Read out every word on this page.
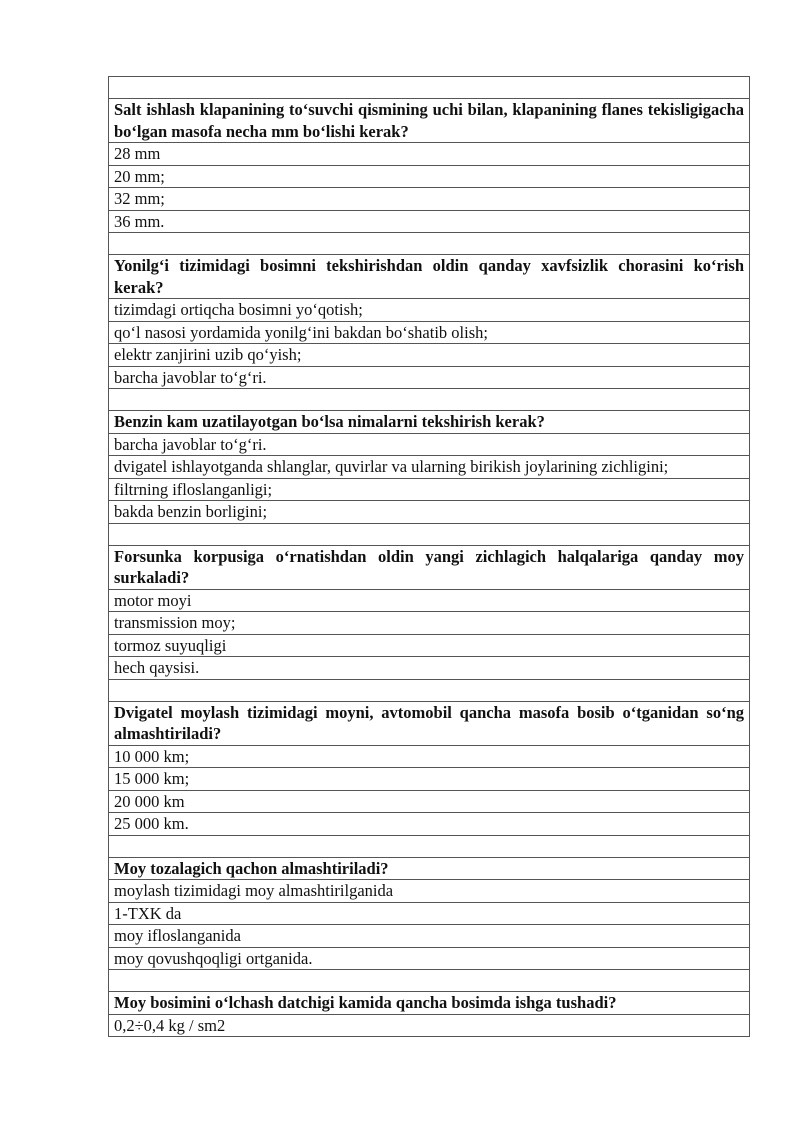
Salt ishlash klapanining to‘suvchi qismining uchi bilan, klapanining flanes tekisligigacha bo‘lgan masofa necha mm bo‘lishi kerak?
28 mm
20 mm;
32 mm;
36 mm.

Yonilg‘i tizimidagi bosimni tekshirishdan oldin qanday xavfsizlik chorasini ko‘rish kerak?
tizimdagi ortiqcha bosimni yo‘qotish;
qo‘l nasosi yordamida yonilg‘ini bakdan bo‘shatib olish;
elektr zanjirini uzib qo‘yish;
barcha javoblar to‘g‘ri.

Benzin kam uzatilayotgan bo‘lsa nimalarni tekshirish kerak?
barcha javoblar to‘g‘ri.
dvigatel ishlayotganda shlanglar, quvirlar va ularning birikish joylarining zichligini;
filtrning ifloslanganligi;
bakda benzin borligini;

Forsunka korpusiga o‘rnatishdan oldin yangi zichlagich halqalariga qanday moy surkaladi?
motor moyi
transmission moy;
tormoz suyuqligi
hech qaysisi.

Dvigatel moylash tizimidagi moyni, avtomobil qancha masofa bosib o‘tganidan so‘ng almashtiriladi?
10 000 km;
15 000 km;
20 000 km
25 000 km.

Moy tozalagich qachon almashtiriladi?
moylash tizimidagi moy almashtirilganida
1-TXK da
moy ifloslanganida
moy qovushqoqligi ortganida.

Moy bosimini o‘lchash datchigi kamida qancha bosimda ishga tushadi?
0,2÷0,4 kg / sm2
